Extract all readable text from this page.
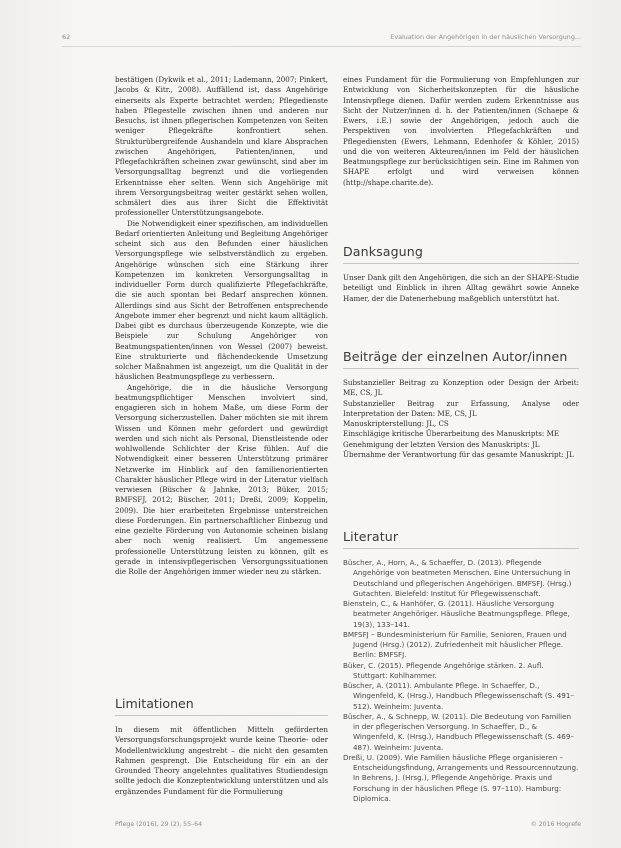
62	Evaluation der Angehörigen in der häuslichen Versorgung...

bestätigen (Dykwik et al., 2011; Lademann, 2007; Pinkert, Jacobs & Kitr., 2008). Auffällend ist, dass Angehörige einerseits als Experte betrachtet werden; Pflegedienste haben Pflegestelle zwischen ihnen und anderen nur Besuchs, ist ihnen pflegerischen Kompetenzen von Seiten weniger Pflegekräfte konfrontiert sehen. Strukturübergreifende Aushandeln und klare Absprachen zwischen Angehörigen, Patienten/innen, und Pflegefachkräften scheinen zwar gewünscht, sind aber im Versorgungsalltag begrenzt und die vorliegenden Erkenntnisse eher selten. Wenn sich Angehörige mit ihrem Versorgungsbeitrag weiter gestärkt sehen wollen, schmälert dies aus ihrer Sicht die Effektivität professioneller Unterstützungsangebote.

Die Notwendigkeit einer spezifischen, am individuellen Bedarf orientierten Anleitung und Begleitung Angehöriger scheint sich aus den Befunden einer häuslichen Versorgungspflege wie selbstverständlich zu ergeben. Angehörige wünschen sich eine Stärkung ihrer Kompetenzen im konkreten Versorgungsalltag in individueller Form durch qualifizierte Pflegefachkräfte, die sie auch spontan bei Bedarf ansprechen können. Allerdings sind aus Sicht der Betroffenen entsprechende Angebote immer eher begrenzt und nicht kaum alltäglich. Dabei gibt es durchaus überzeugende Konzepte, wie die Beispiele zur Schulung Angehöriger von Beatmungspatienten/innen von Wessel (2007) beweist. Eine strukturierte und flächendeckende Umsetzung solcher Maßnahmen ist angezeigt, um die Qualität in der häuslichen Beatmungspflege zu verbessern.

Angehörige, die in die häusliche Versorgung beatmungspflichtiger Menschen involviert sind, engagieren sich in hohem Maße, um diese Form der Versorgung sicherzustellen. Daher möchten sie mit ihrem Wissen und Können mehr gefordert und gewürdigt werden und sich nicht als Personal, Dienstleistende oder wohlwollende Schlichter der Krise fühlen. Auf die Notwendigkeit einer besseren Unterstützung primärer Netzwerke im Hinblick auf den familienorientierten Charakter häuslicher Pflege wird in der Literatur vielfach verwiesen (Büscher & Jahnke, 2013; Büker, 2015; BMFSFJ, 2012; Büscher, 2011; Dreßi, 2009; Koppelin, 2009). Die hier erarbeiteten Ergebnisse unterstreichen diese Forderungen. Ein partnerschaftlicher Einbezug und eine gezielte Förderung von Autonomie scheinen bislang aber noch wenig realisiert. Um angemessene professionelle Unterstützung leisten zu können, gilt es gerade in intensivpflegerischen Versorgungssituationen die Rolle der Angehörigen immer wieder neu zu stärken.

Limitationen
In diesem mit öffentlichen Mitteln geförderten Versorgungsforschungsprojekt wurde keine Theorie- oder Modellentwicklung angestrebt – die nicht den gesamten Rahmen gesprengt. Die Entscheidung für ein an der Grounded Theory angelehntes qualitatives Studiendesign sollte jedoch die Konzeptentwicklung unterstützen und als ergänzendes Fundament für die Formulierung

eines Fundament für die Formulierung von Empfehlungen zur Entwicklung von Sicherheitskonzepten für die häusliche Intensivpflege dienen. Dafür werden zudem Erkenntnisse aus Sicht der Nutzer/innen d. h. der Patienten/innen (Schaepe & Ewers, i.E.) sowie der Angehörigen, jedoch auch die Perspektiven von involvierten Pflegefachkräften und Pflegediensten (Ewers, Lehmann, Edenhofer & Köhler, 2015) und die von weiteren Akteuren/innen im Feld der häuslichen Beatmungspflege zur berücksichtigen sein. Eine im Rahmen von SHAPE erfolgt und wird verweisen können (http://shape.charite.de).

Danksagung
Unser Dank gilt den Angehörigen, die sich an der SHAPE-Studie beteiligt und Einblick in ihren Alltag gewährt sowie Anneke Hamer, der die Datenerhebung maßgeblich unterstützt hat.
Beiträge der einzelnen Autor/innen

Substanzieller Beitrag zu Konzeption oder Design der Arbeit: ME, CS, JL

Substanzieller Beitrag zur Erfassung, Analyse oder Interpretation der Daten: ME, CS, JL

Manuskripterstellung: JL, CS

Einschlägige kritische Überarbeitung des Manuskripts: ME

Genehmigung der letzten Version des Manuskripts: JL

Übernahme der Verantwortung für das gesamte Manuskript: JL

Literatur
Büscher, A., Horn, A., & Schaeffer, D. (2013). Pflegende Angehörige von beatmeten Menschen. Eine Untersuchung in Deutschland und pflegerischen Angehörigen. BMFSFJ. (Hrsg.) Gutachten. Bielefeld: Institut für Pflegewissenschaft.
Bienstein, C., & Hanhöfer, G. (2011). Häusliche Versorgung beatmeter Angehöriger. Häusliche Beatmungspflege. Pflege, 19(3), 133–141.
BMFSFJ – Bundesministerium für Familie, Senioren, Frauen und Jugend (Hrsg.) (2012). Zufriedenheit mit häuslicher Pflege. Berlin: BMFSFJ.
Büker, C. (2015). Pflegende Angehörige stärken. 2. Aufl. Stuttgart: Kohlhammer.
Büscher, A. (2011). Ambulante Pflege. In Schaeffer, D., Wingenfeld, K. (Hrsg.), Handbuch Pflegewissenschaft (S. 491–512). Weinheim: Juventa.
Büscher, A., & Schnepp, W. (2011). Die Bedeutung von Familien in der pflegerischen Versorgung. In Schaeffer, D., & Wingenfeld, K. (Hrsg.), Handbuch Pflegewissenschaft (S. 469–487). Weinheim: Juventa.
Dreßi, U. (2009). Wie Familien häusliche Pflege organisieren – Entscheidungsfindung, Arrangements und Ressourcennutzung. In Behrens, J. (Hrsg.), Pflegende Angehörige. Praxis und Forschung in der häuslichen Pflege (S. 97–110). Hamburg: Diplomica.
Pflege (2016), 29 (2), 55–64	© 2016 Hogrefe
